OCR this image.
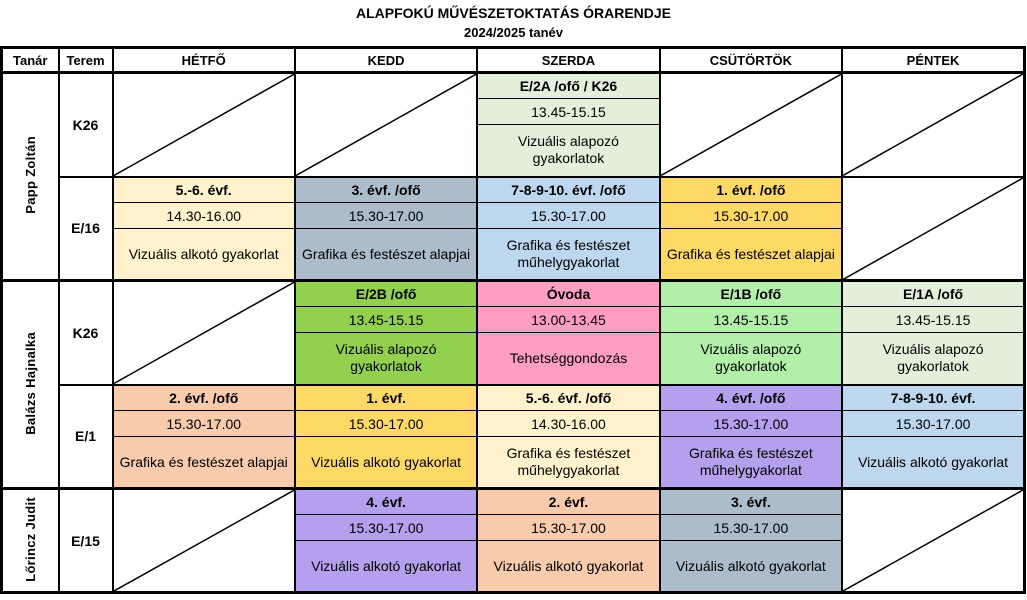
ALAPFOKÚ MŰVÉSZETOKTATÁS ÓRARENDJE
2024/2025 tanév
Tanár	Terem	HÉTFŐ	KEDD	SZERDA	CSÜTÖRTÖK	PÉNTEK
Papp Zoltán	K26			E/2A /ofő / K26	

				13.45-15.15		
				Vizuális alapozó gyakorlatok		
	E/16	5.-6. évf.	3. évf. /ofő	7-8-9-10. évf. /ofő	1. évf. /ofő	

		14.30-16.00	15.30-17.00	15.30-17.00	15.30-17.00	
		Vizuális alkotó gyakorlat	Grafika és festészet alapjai	Grafika és festészet műhelygyakorlat	Grafika és festészet alapjai	
Balázs Hajnalka	K26		E/2B /ofő	Óvoda	E/1B /ofő	E/1A /ofő
			13.45-15.15	13.00-13.45	13.45-15.15	13.45-15.15
			Vizuális alapozó gyakorlatok	Tehetséggondozás	Vizuális alapozó gyakorlatok	Vizuális alapozó gyakorlatok
	E/1	2. évf. /ofő	1. évf.	5.-6. évf. /ofő	4. évf. /ofő	7-8-9-10. évf.
		15.30-17.00	15.30-17.00	14.30-16.00	15.30-17.00	15.30-17.00
		Grafika és festészet alapjai	Vizuális alkotó gyakorlat	Grafika és festészet műhelygyakorlat	Grafika és festészet műhelygyakorlat	Vizuális alkotó gyakorlat
Lőrincz Judit	E/15		4. évf.	2. évf.	3. évf.	

			15.30-17.00	15.30-17.00	15.30-17.00	
			Vizuális alkotó gyakorlat	Vizuális alkotó gyakorlat	Vizuális alkotó gyakorlat	
